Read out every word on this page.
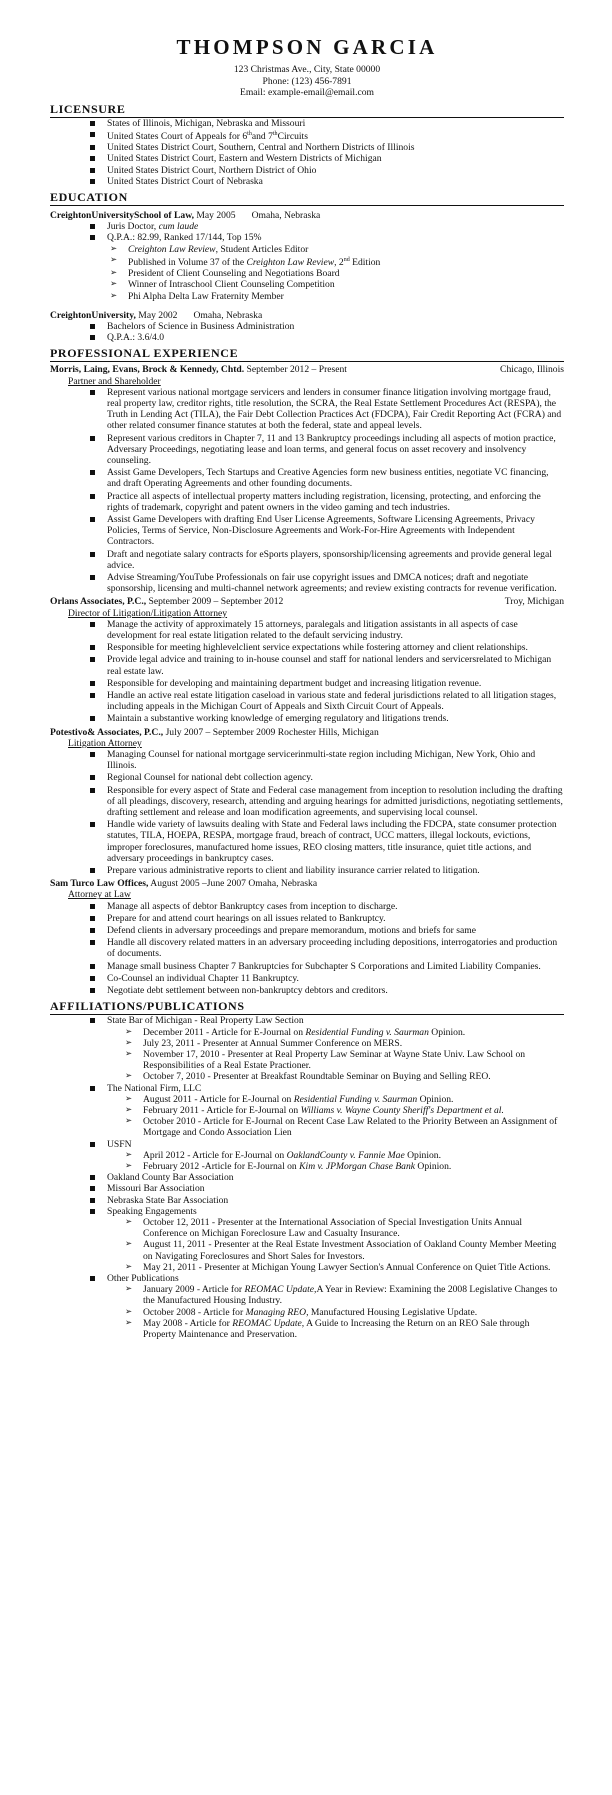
THOMPSON GARCIA
123 Christmas Ave., City, State 00000
Phone: (123) 456-7891
Email: example-email@email.com
LICENSURE
States of Illinois, Michigan, Nebraska and Missouri
United States Court of Appeals for 6thand 7thCircuits
United States District Court, Southern, Central and Northern Districts of Illinois
United States District Court, Eastern and Western Districts of Michigan
United States District Court, Northern District of Ohio
United States District Court of Nebraska
EDUCATION
CreightonUniversitySchool of Law, May 2005 Omaha, Nebraska
Juris Doctor, cum laude
Q.P.A.: 82.99, Ranked 17/144, Top 15%
➢ Creighton Law Review, Student Articles Editor
➢ Published in Volume 37 of the Creighton Law Review, 2nd Edition
➢ President of Client Counseling and Negotiations Board
➢ Winner of Intraschool Client Counseling Competition
➢ Phi Alpha Delta Law Fraternity Member
CreightonUniversity, May 2002 Omaha, Nebraska
Bachelors of Science in Business Administration
Q.P.A.: 3.6/4.0
PROFESSIONAL EXPERIENCE
Morris, Laing, Evans, Brock & Kennedy, Chtd. September 2012 – Present	Chicago, Illinois
Partner and Shareholder
Represent various national mortgage servicers and lenders in consumer finance litigation involving mortgage fraud, real property law, creditor rights, title resolution, the SCRA, the Real Estate Settlement Procedures Act (RESPA), the Truth in Lending Act (TILA), the Fair Debt Collection Practices Act (FDCPA), Fair Credit Reporting Act (FCRA) and other related consumer finance statutes at both the federal, state and appeal levels.
Represent various creditors in Chapter 7, 11 and 13 Bankruptcy proceedings including all aspects of motion practice, Adversary Proceedings, negotiating lease and loan terms, and general focus on asset recovery and insolvency counseling.
Assist Game Developers, Tech Startups and Creative Agencies form new business entities, negotiate VC financing, and draft Operating Agreements and other founding documents.
Practice all aspects of intellectual property matters including registration, licensing, protecting, and enforcing the rights of trademark, copyright and patent owners in the video gaming and tech industries.
Assist Game Developers with drafting End User License Agreements, Software Licensing Agreements, Privacy Policies, Terms of Service, Non-Disclosure Agreements and Work-For-Hire Agreements with Independent Contractors.
Draft and negotiate salary contracts for eSports players, sponsorship/licensing agreements and provide general legal advice.
Advise Streaming/YouTube Professionals on fair use copyright issues and DMCA notices; draft and negotiate sponsorship, licensing and multi-channel network agreements; and review existing contracts for revenue verification.
Orlans Associates, P.C., September 2009 – September 2012	Troy, Michigan
Director of Litigation/Litigation Attorney
Manage the activity of approximately 15 attorneys, paralegals and litigation assistants in all aspects of case development for real estate litigation related to the default servicing industry.
Responsible for meeting highlevelclient service expectations while fostering attorney and client relationships.
Provide legal advice and training to in-house counsel and staff for national lenders and servicersrelated to Michigan real estate law.
Responsible for developing and maintaining department budget and increasing litigation revenue.
Handle an active real estate litigation caseload in various state and federal jurisdictions related to all litigation stages, including appeals in the Michigan Court of Appeals and Sixth Circuit Court of Appeals.
Maintain a substantive working knowledge of emerging regulatory and litigations trends.
Potestivo& Associates, P.C., July 2007 – September 2009 Rochester Hills, Michigan
Litigation Attorney
Managing Counsel for national mortgage servicerinmulti-state region including Michigan, New York, Ohio and Illinois.
Regional Counsel for national debt collection agency.
Responsible for every aspect of State and Federal case management from inception to resolution including the drafting of all pleadings, discovery, research, attending and arguing hearings for admitted jurisdictions, negotiating settlements, drafting settlement and release and loan modification agreements, and supervising local counsel.
Handle wide variety of lawsuits dealing with State and Federal laws including the FDCPA, state consumer protection statutes, TILA, HOEPA, RESPA, mortgage fraud, breach of contract, UCC matters, illegal lockouts, evictions, improper foreclosures, manufactured home issues, REO closing matters, title insurance, quiet title actions, and adversary proceedings in bankruptcy cases.
Prepare various administrative reports to client and liability insurance carrier related to litigation.
Sam Turco Law Offices, August 2005 –June 2007 Omaha, Nebraska
Attorney at Law
Manage all aspects of debtor Bankruptcy cases from inception to discharge.
Prepare for and attend court hearings on all issues related to Bankruptcy.
Defend clients in adversary proceedings and prepare memorandum, motions and briefs for same
Handle all discovery related matters in an adversary proceeding including depositions, interrogatories and production of documents.
Manage small business Chapter 7 Bankruptcies for Subchapter S Corporations and Limited Liability Companies.
Co-Counsel an individual Chapter 11 Bankruptcy.
Negotiate debt settlement between non-bankruptcy debtors and creditors.
AFFILIATIONS/PUBLICATIONS
State Bar of Michigan - Real Property Law Section
➢ December 2011 - Article for E-Journal on Residential Funding v. Saurman Opinion.
➢ July 23, 2011 - Presenter at Annual Summer Conference on MERS.
➢ November 17, 2010 - Presenter at Real Property Law Seminar at Wayne State Univ. Law School on Responsibilities of a Real Estate Practioner.
➢ October 7, 2010 - Presenter at Breakfast Roundtable Seminar on Buying and Selling REO.
The National Firm, LLC
➢ August 2011 - Article for E-Journal on Residential Funding v. Saurman Opinion.
➢ February 2011 - Article for E-Journal on Williams v. Wayne County Sheriff's Department et al.
➢ October 2010 - Article for E-Journal on Recent Case Law Related to the Priority Between an Assignment of Mortgage and Condo Association Lien
USFN
➢ April 2012 - Article for E-Journal on OaklandCounty v. Fannie Mae Opinion.
➢ February 2012 -Article for E-Journal on Kim v. JPMorgan Chase Bank Opinion.
Oakland County Bar Association
Missouri Bar Association
Nebraska State Bar Association
Speaking Engagements
➢ October 12, 2011 - Presenter at the International Association of Special Investigation Units Annual Conference on Michigan Foreclosure Law and Casualty Insurance.
➢ August 11, 2011 - Presenter at the Real Estate Investment Association of Oakland County Member Meeting on Navigating Foreclosures and Short Sales for Investors.
➢ May 21, 2011 - Presenter at Michigan Young Lawyer Section's Annual Conference on Quiet Title Actions.
Other Publications
➢ January 2009 - Article for REOMAC Update,A Year in Review: Examining the 2008 Legislative Changes to the Manufactured Housing Industry.
➢ October 2008 - Article for Managing REO, Manufactured Housing Legislative Update.
➢ May 2008 - Article for REOMAC Update, A Guide to Increasing the Return on an REO Sale through Property Maintenance and Preservation.
